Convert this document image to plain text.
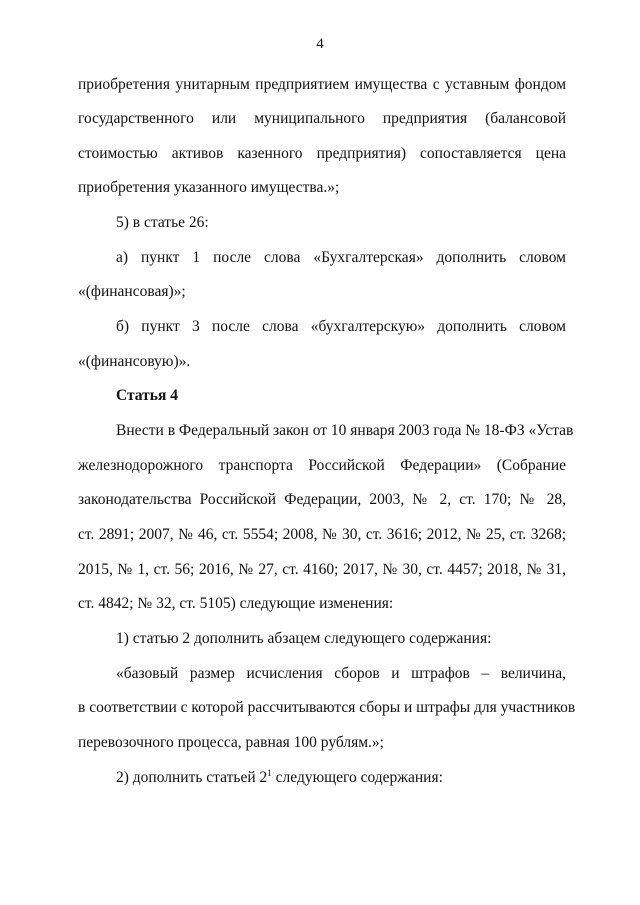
4
приобретения унитарным предприятием имущества с уставным фондом
государственного или муниципального предприятия (балансовой
стоимостью активов казенного предприятия) сопоставляется цена
приобретения указанного имущества.»;
5) в статье 26:
а) пункт 1 после слова «Бухгалтерская» дополнить словом
«(финансовая)»;
б) пункт 3 после слова «бухгалтерскую» дополнить словом
«(финансовую)».
Статья 4
Внести в Федеральный закон от 10 января 2003 года № 18-ФЗ «Устав
железнодорожного транспорта Российской Федерации» (Собрание
законодательства Российской Федерации, 2003, № 2, ст. 170; № 28,
ст. 2891; 2007, № 46, ст. 5554; 2008, № 30, ст. 3616; 2012, № 25, ст. 3268;
2015, № 1, ст. 56; 2016, № 27, ст. 4160; 2017, № 30, ст. 4457; 2018, № 31,
ст. 4842; № 32, ст. 5105) следующие изменения:
1) статью 2 дополнить абзацем следующего содержания:
«базовый размер исчисления сборов и штрафов – величина,
в соответствии с которой рассчитываются сборы и штрафы для участников
перевозочного процесса, равная 100 рублям.»;
2) дополнить статьей $2^1$ следующего содержания:
